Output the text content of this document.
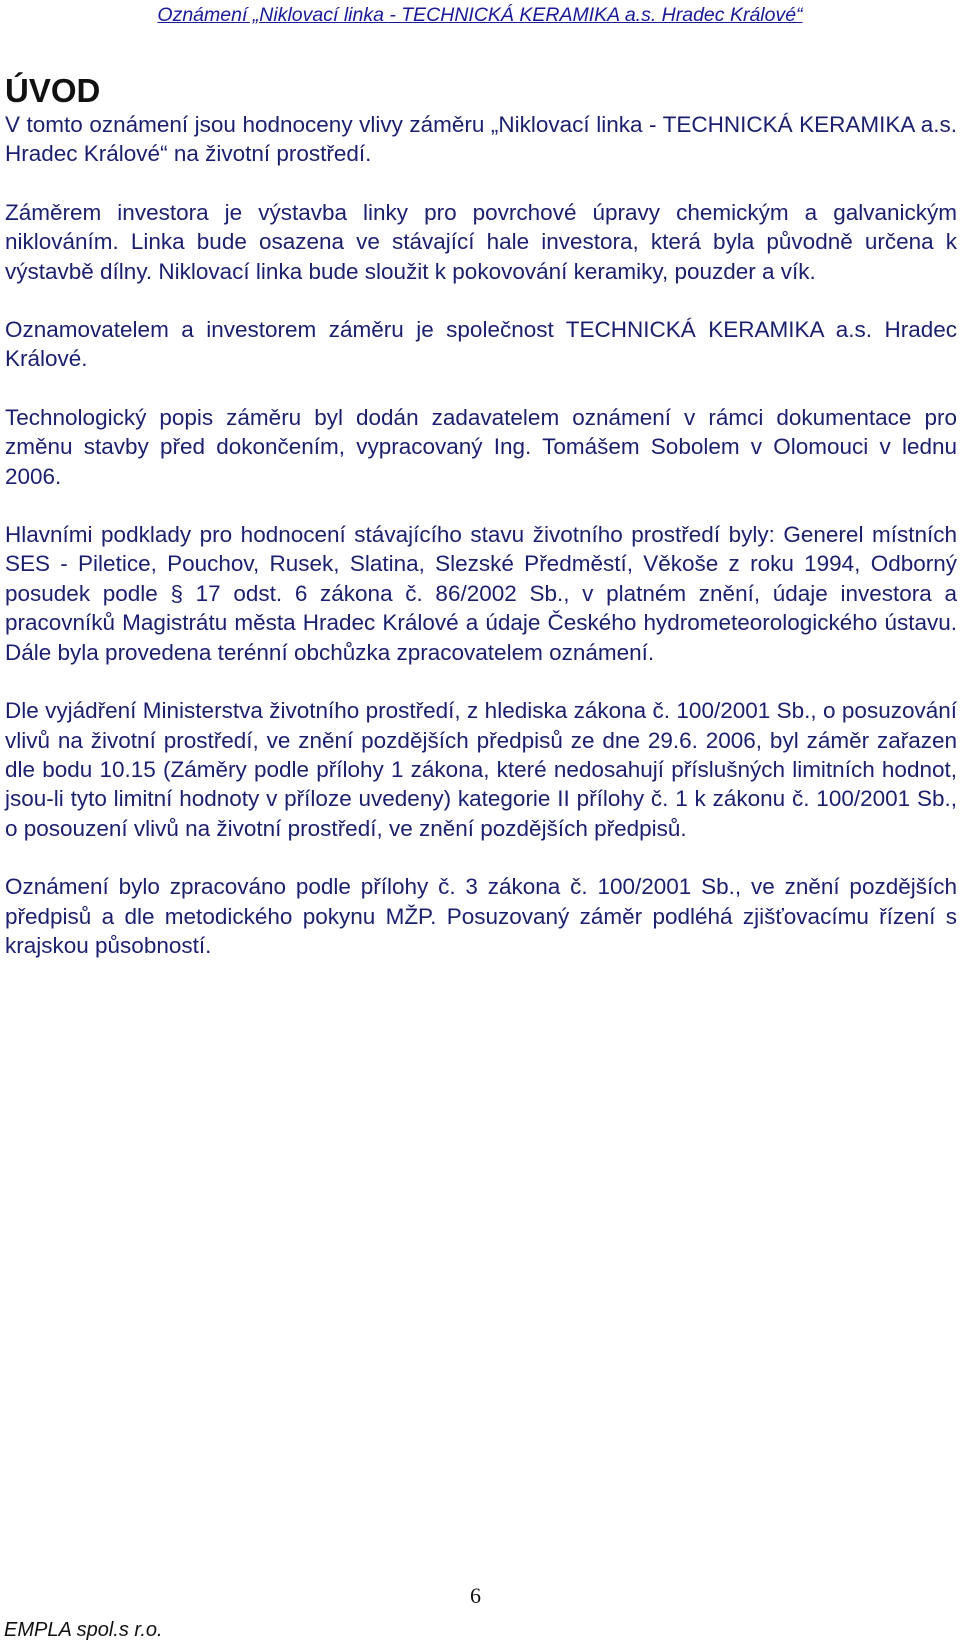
Oznámení „Niklovací linka - TECHNICKÁ KERAMIKA a.s. Hradec Králové“
ÚVOD

V tomto oznámení jsou hodnoceny vlivy záměru „Niklovací linka - TECHNICKÁ KERAMIKA a.s. Hradec Králové“ na životní prostředí.

Záměrem investora je výstavba linky pro povrchové úpravy chemickým a galvanickým niklováním. Linka bude osazena ve stávající hale investora, která byla původně určena k výstavbě dílny. Niklovací linka bude sloužit k pokovování keramiky, pouzder a vík.

Oznamovatelem a investorem záměru je společnost TECHNICKÁ KERAMIKA a.s. Hradec Králové.

Technologický popis záměru byl dodán zadavatelem oznámení v rámci dokumentace pro změnu stavby před dokončením, vypracovaný Ing. Tomášem Sobolem v Olomouci v lednu 2006.

Hlavními podklady pro hodnocení stávajícího stavu životního prostředí byly: Generel místních SES - Piletice, Pouchov, Rusek, Slatina, Slezské Předměstí, Věkoše z roku 1994, Odborný posudek podle § 17 odst. 6 zákona č. 86/2002 Sb., v platném znění, údaje investora a pracovníků Magistrátu města Hradec Králové a údaje Českého hydrometeorologického ústavu. Dále byla provedena terénní obchůzka zpracovatelem oznámení.

Dle vyjádření Ministerstva životního prostředí, z hlediska zákona č. 100/2001 Sb., o posuzování vlivů na životní prostředí, ve znění pozdějších předpisů ze dne 29.6. 2006, byl záměr zařazen dle bodu 10.15 (Záměry podle přílohy 1 zákona, které nedosahují příslušných limitních hodnot, jsou-li tyto limitní hodnoty v příloze uvedeny) kategorie II přílohy č. 1 k zákonu č. 100/2001 Sb., o posouzení vlivů na životní prostředí, ve znění pozdějších předpisů.

Oznámení bylo zpracováno podle přílohy č. 3 zákona č. 100/2001 Sb., ve znění pozdějších předpisů a dle metodického pokynu MŽP. Posuzovaný záměr podléhá zjišťovacímu řízení s krajskou působností.

6
EMPLA spol.s r.o.
